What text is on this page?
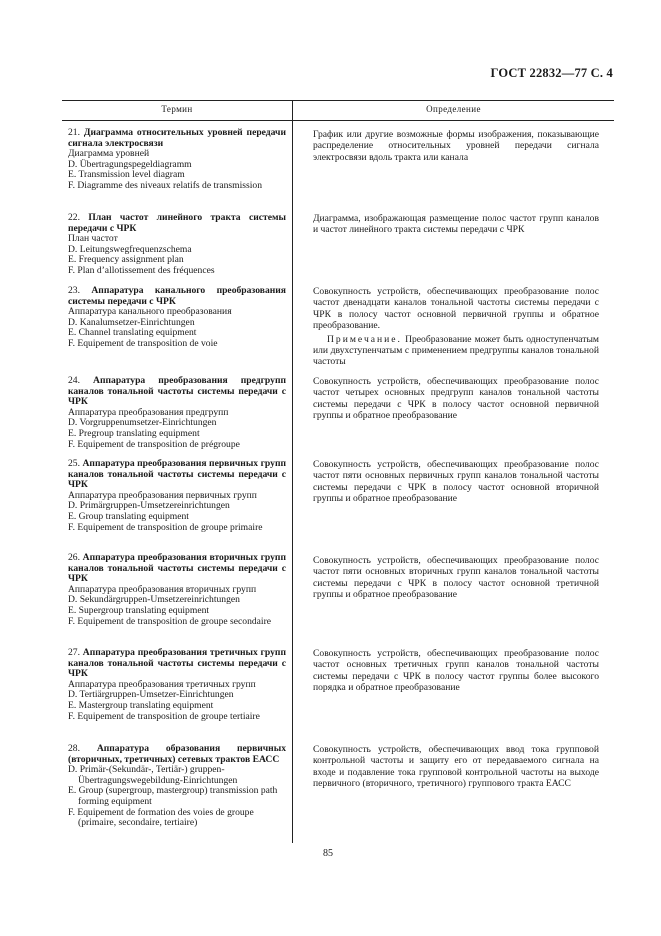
ГОСТ 22832—77 С. 4
Термин	Определение
21. Диаграмма относительных уровней передачи сигнала электросвязи
Диаграмма уровней
D. Übertragungspegeldiagramm
E. Transmission level diagram
F. Diagramme des niveaux relatifs de transmission
График или другие возможные формы изображения, показывающие распределение относительных уровней передачи сигнала электросвязи вдоль тракта или канала
22. План частот линейного тракта системы передачи с ЧРК
План частот
D. Leitungswegfrequenzschema
E. Frequency assignment plan
F. Plan d’allotissement des fréquences
Диаграмма, изображающая размещение полос частот групп каналов и частот линейного тракта системы передачи с ЧРК
23. Аппаратура канального преобразования системы передачи с ЧРК
Аппаратура канального преобразования
D. Kanalumsetzer-Einrichtungen
E. Channel translating equipment
F. Equipement de transposition de voie
Совокупность устройств, обеспечивающих преобразование полос частот двенадцати каналов тональной частоты системы передачи с ЧРК в полосу частот основной первичной группы и обратное преобразование.
Примечание. Преобразование может быть одноступенчатым или двухступенчатым с применением предгруппы каналов тональной частоты
24. Аппаратура преобразования предгрупп каналов тональной частоты системы передачи с ЧРК
Аппаратура преобразования предгрупп
D. Vorgruppenumsetzer-Einrichtungen
E. Pregroup translating equipment
F. Equipement de transposition de prégroupe
Совокупность устройств, обеспечивающих преобразование полос частот четырех основных предгрупп каналов тональной частоты системы передачи с ЧРК в полосу частот основной первичной группы и обратное преобразование
25. Аппаратура преобразования первичных групп каналов тональной частоты системы передачи с ЧРК
Аппаратура преобразования первичных групп
D. Primärgruppen-Umsetzereinrichtungen
E. Group translating equipment
F. Equipement de transposition de groupe primaire
Совокупность устройств, обеспечивающих преобразование полос частот пяти основных первичных групп каналов тональной частоты системы передачи с ЧРК в полосу частот основной вторичной группы и обратное преобразование
26. Аппаратура преобразования вторичных групп каналов тональной частоты системы передачи с ЧРК
Аппаратура преобразования вторичных групп
D. Sekundärgruppen-Umsetzereinrichtungen
E. Supergroup translating equipment
F. Equipement de transposition de groupe secondaire
Совокупность устройств, обеспечивающих преобразование полос частот пяти основных вторичных групп каналов тональной частоты системы передачи с ЧРК в полосу частот основной третичной группы и обратное преобразование
27. Аппаратура преобразования третичных групп каналов тональной частоты системы передачи с ЧРК
Аппаратура преобразования третичных групп
D. Tertiärgruppen-Umsetzer-Einrichtungen
E. Mastergroup translating equipment
F. Equipement de transposition de groupe tertiaire
Совокупность устройств, обеспечивающих преобразование полос частот основных третичных групп каналов тональной частоты системы передачи с ЧРК в полосу частот группы более высокого порядка и обратное преобразование
28. Аппаратура образования первичных (вторичных, третичных) сетевых трактов ЕАСС
D. Primär-(Sekundär-, Tertiär-) gruppen-Übertragungswegebildung-Einrichtungen
E. Group (supergroup, mastergroup) transmission path forming equipment
F. Equipement de formation des voies de groupe (primaire, secondaire, tertiaire)
Совокупность устройств, обеспечивающих ввод тока групповой контрольной частоты и защиту его от передаваемого сигнала на входе и подавление тока групповой контрольной частоты на выходе первичного (вторичного, третичного) группового тракта ЕАСС
85
